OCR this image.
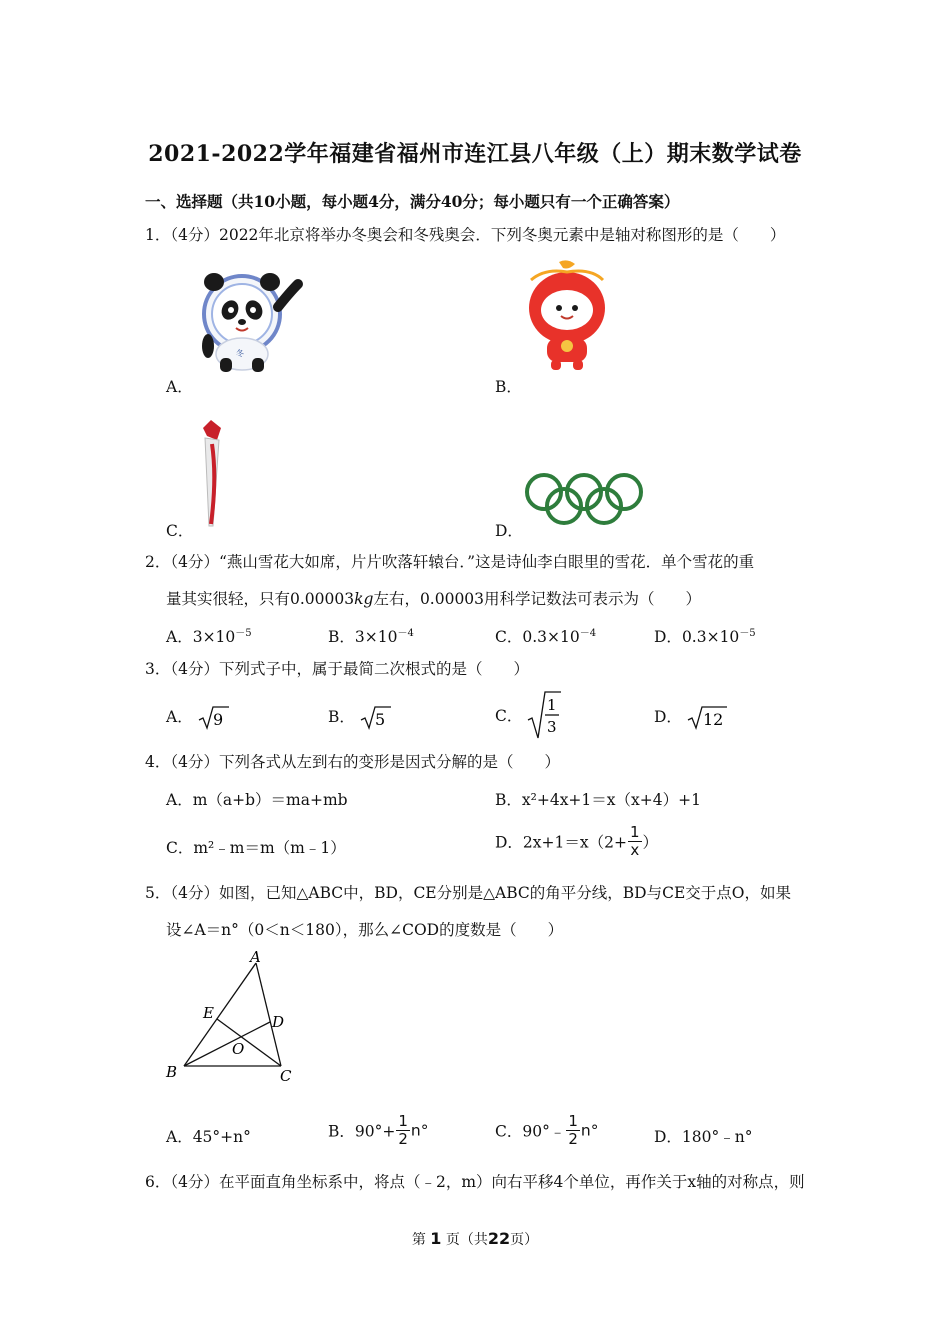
2021-2022学年福建省福州市连江县八年级（上）期末数学试卷
一、选择题（共10小题，每小题4分，满分40分；每小题只有一个正确答案）
1．（4分）2022年北京将举办冬奥会和冬残奥会．下列冬奥元素中是轴对称图形的是（　　）
冬
A．	B．
C．	D．
2．（4分）“燕山雪花大如席，片片吹落轩辕台．”这是诗仙李白眼里的雪花．单个雪花的重
量其实很轻，只有0.00003kg左右，0.00003用科学记数法可表示为（　　）
A．$3\times 10^{-5}$	B．$3\times 10^{-4}$	C．$0.3\times 10^{-4}$	D．$0.3\times 10^{-5}$
3．（4分）下列式子中，属于最简二次根式的是（　　）
A． 9	B． 5	C．
1
3
D． 12
4．（4分）下列各式从左到右的变形是因式分解的是（　　）
A．m（a+b）＝ma+mb	B．x²+4x+1＝x（x+4）+1
C．m²﹣m＝m（m﹣1）	D．$2x+1=x(2+ \frac{1}{x}$ ）
5．（4分）如图，已知△ABC中，BD，CE分别是△ABC的角平分线，BD与CE交于点O，如果
设∠A＝n°（0＜n＜180），那么∠COD的度数是（　　）
A
B	C
D
E
O
A．45°+n°	B．$90^\circ+ \frac{1}{2} n^\circ$	C．90°﹣ $\frac{1}{2} n^\circ$	D．180°﹣n°
6．（4分）在平面直角坐标系中，将点（﹣2，m）向右平移4个单位，再作关于x轴的对称点，则
第 1 页（共22页）
